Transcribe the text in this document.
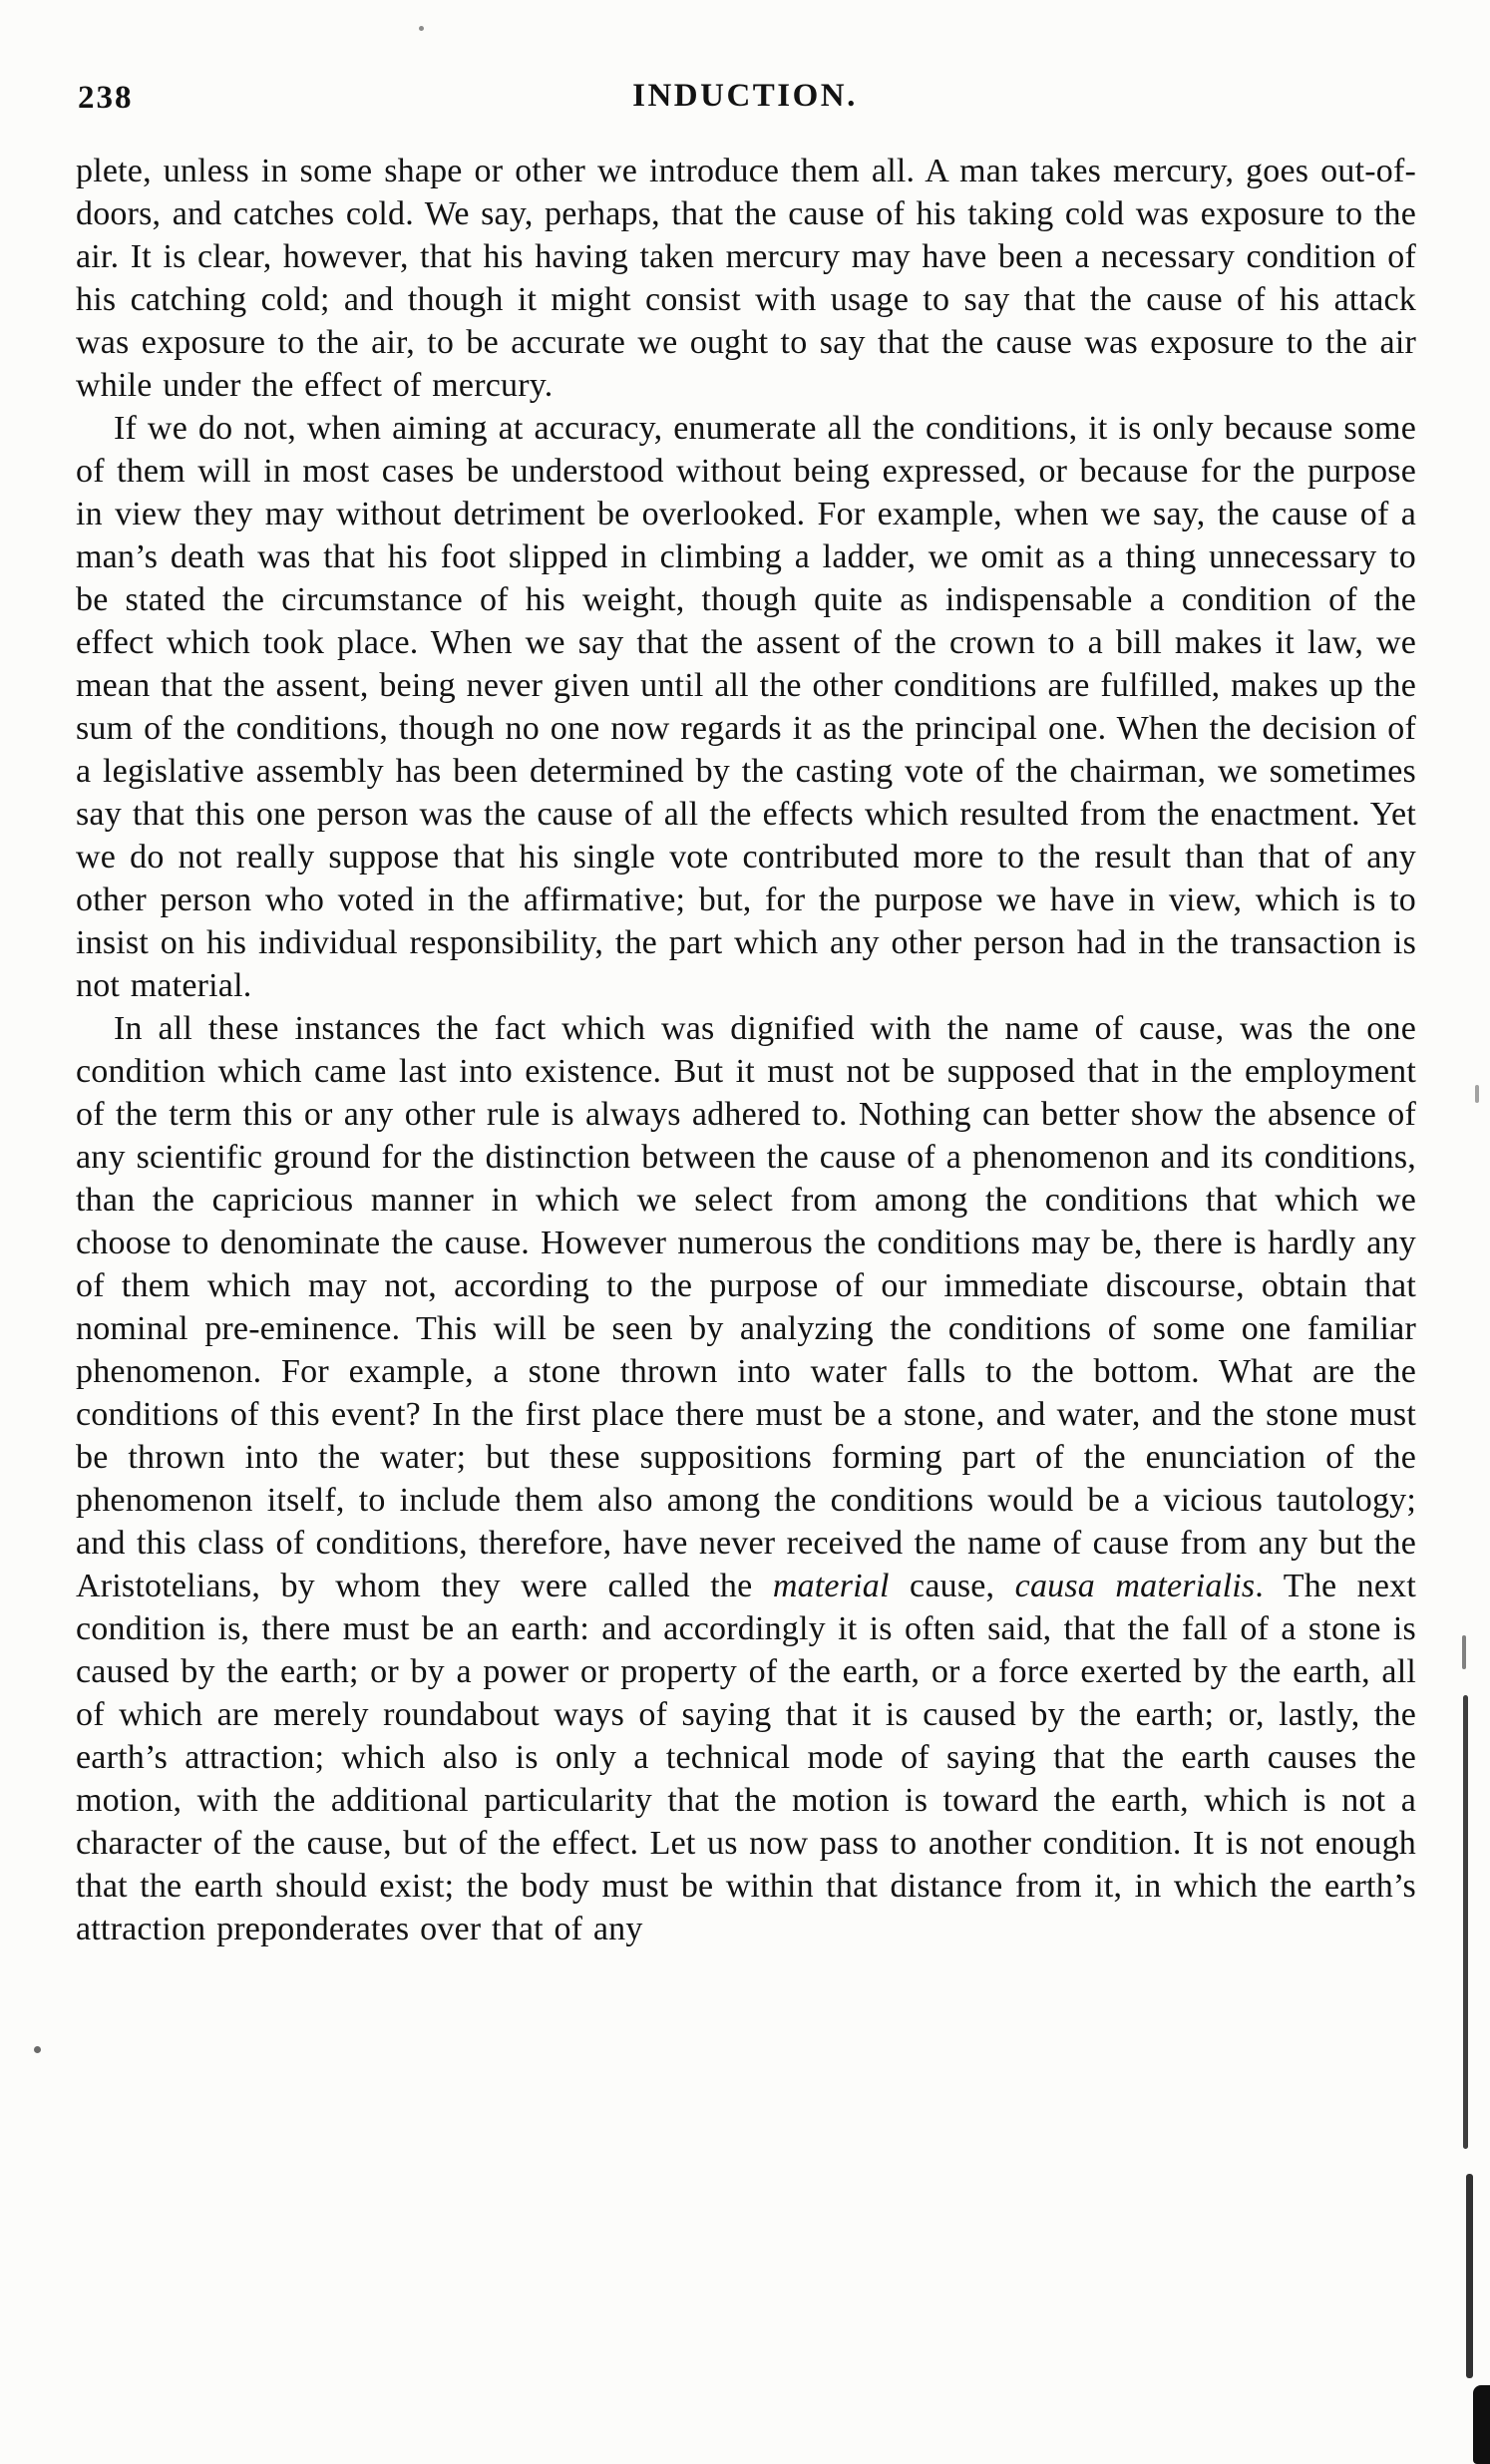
238	INDUCTION.

plete, unless in some shape or other we introduce them all. A man takes mercury, goes out-of-doors, and catches cold. We say, perhaps, that the cause of his taking cold was exposure to the air. It is clear, however, that his having taken mercury may have been a necessary condition of his catching cold; and though it might consist with usage to say that the cause of his attack was exposure to the air, to be accurate we ought to say that the cause was exposure to the air while under the effect of mercury.

If we do not, when aiming at accuracy, enumerate all the conditions, it is only because some of them will in most cases be understood without being expressed, or because for the purpose in view they may without detriment be overlooked. For example, when we say, the cause of a man’s death was that his foot slipped in climbing a ladder, we omit as a thing unnecessary to be stated the circumstance of his weight, though quite as indispensable a condition of the effect which took place. When we say that the assent of the crown to a bill makes it law, we mean that the assent, being never given until all the other conditions are fulfilled, makes up the sum of the conditions, though no one now regards it as the principal one. When the decision of a legislative assembly has been determined by the casting vote of the chairman, we sometimes say that this one person was the cause of all the effects which resulted from the enactment. Yet we do not really suppose that his single vote contributed more to the result than that of any other person who voted in the affirmative; but, for the purpose we have in view, which is to insist on his individual responsibility, the part which any other person had in the transaction is not material.

In all these instances the fact which was dignified with the name of cause, was the one condition which came last into existence. But it must not be supposed that in the employment of the term this or any other rule is always adhered to. Nothing can better show the absence of any scientific ground for the distinction between the cause of a phenomenon and its conditions, than the capricious manner in which we select from among the conditions that which we choose to denominate the cause. However numerous the conditions may be, there is hardly any of them which may not, according to the purpose of our immediate discourse, obtain that nominal pre-eminence. This will be seen by analyzing the conditions of some one familiar phenomenon. For example, a stone thrown into water falls to the bottom. What are the conditions of this event? In the first place there must be a stone, and water, and the stone must be thrown into the water; but these suppositions forming part of the enunciation of the phenomenon itself, to include them also among the conditions would be a vicious tautology; and this class of conditions, therefore, have never received the name of cause from any but the Aristotelians, by whom they were called the material cause, causa materialis. The next condition is, there must be an earth: and accordingly it is often said, that the fall of a stone is caused by the earth; or by a power or property of the earth, or a force exerted by the earth, all of which are merely roundabout ways of saying that it is caused by the earth; or, lastly, the earth’s attraction; which also is only a technical mode of saying that the earth causes the motion, with the additional particularity that the motion is toward the earth, which is not a character of the cause, but of the effect. Let us now pass to another condition. It is not enough that the earth should exist; the body must be within that distance from it, in which the earth’s attraction preponderates over that of any
